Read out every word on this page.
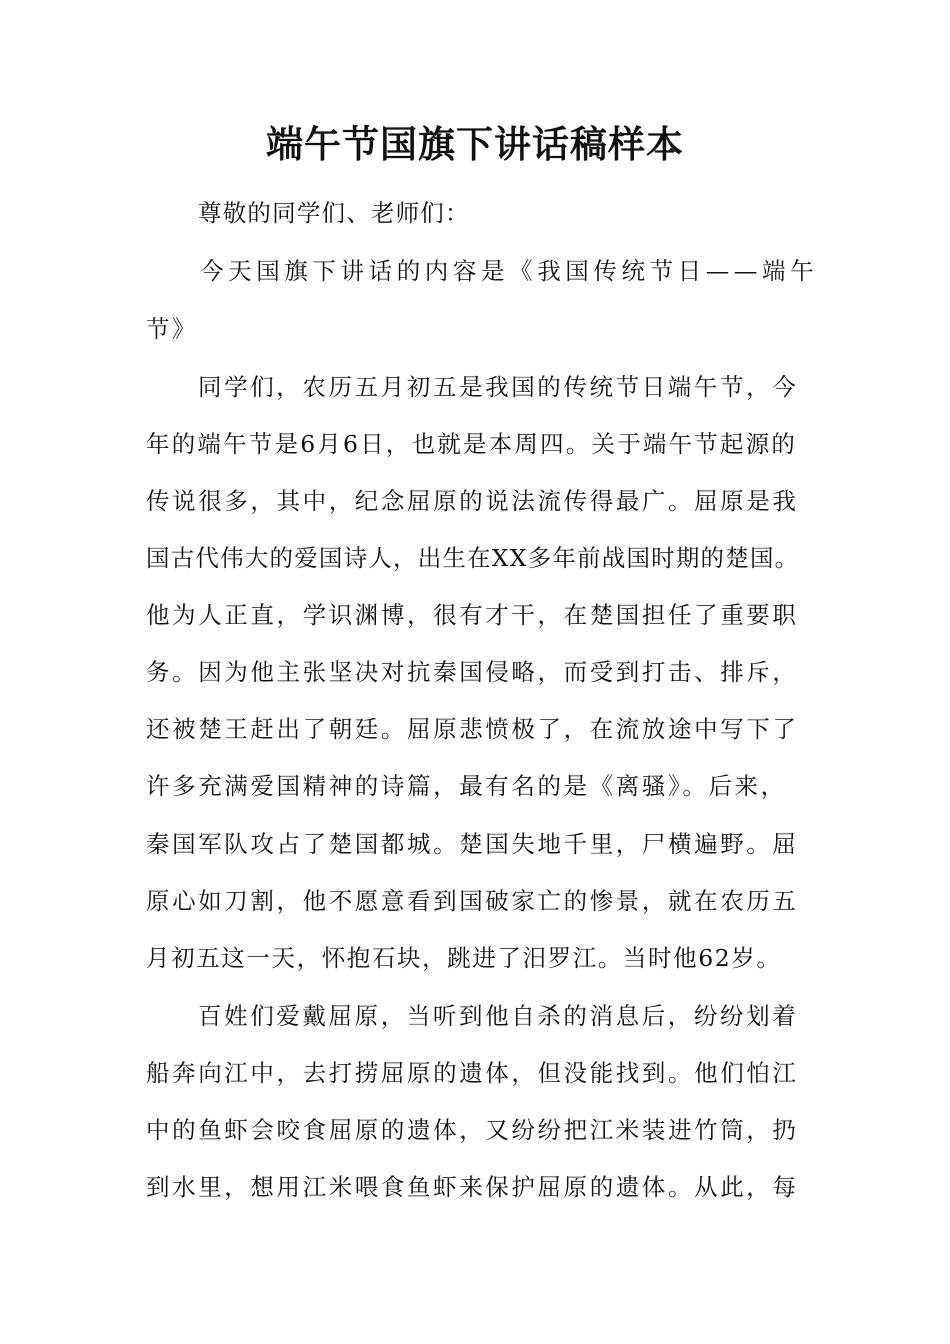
端午节国旗下讲话稿样本

尊敬的同学们、老师们：

今天国旗下讲话的内容是《我国传统节日——端午

节》

同学们，农历五月初五是我国的传统节日端午节，今

年的端午节是6月6日，也就是本周四。关于端午节起源的

传说很多，其中，纪念屈原的说法流传得最广。屈原是我

国古代伟大的爱国诗人，出生在XX多年前战国时期的楚国。

他为人正直，学识渊博，很有才干，在楚国担任了重要职

务。因为他主张坚决对抗秦国侵略，而受到打击、排斥，

还被楚王赶出了朝廷。屈原悲愤极了，在流放途中写下了

许多充满爱国精神的诗篇，最有名的是《离骚》。后来，

秦国军队攻占了楚国都城。楚国失地千里，尸横遍野。屈

原心如刀割，他不愿意看到国破家亡的惨景，就在农历五

月初五这一天，怀抱石块，跳进了汨罗江。当时他62岁。

百姓们爱戴屈原，当听到他自杀的消息后，纷纷划着

船奔向江中，去打捞屈原的遗体，但没能找到。他们怕江

中的鱼虾会咬食屈原的遗体，又纷纷把江米装进竹筒，扔

到水里，想用江米喂食鱼虾来保护屈原的遗体。从此，每
